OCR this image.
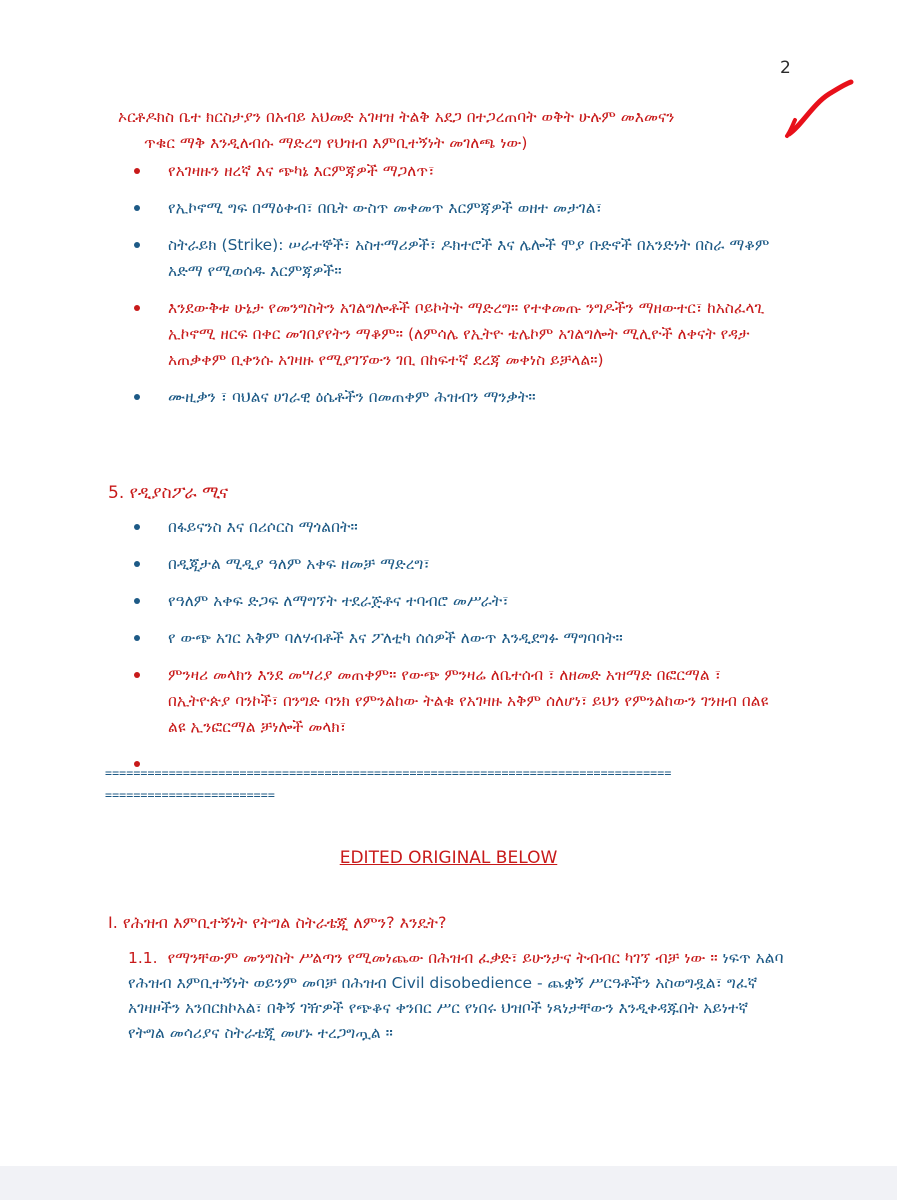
2
ኦርቶዶክስ ቤተ ክርስታያን በአብይ አህመድ አገዛዝ ትልቅ አደጋ በተጋረጠባት ወቅት ሁሉም መእመናን
ጥቁር ማቅ እንዲለብሱ ማድረግ የህዝብ እምቢተኝነት መገለጫ ነው)
የአገዛዙን ዘረኛ እና ጭካኔ እርምጃዎች ማጋለጥ፣
የኢኮኖሚ ግፍ በማዕቀብ፣ በቤት ውስጥ መቀመጥ እርምጃዎች ወዘተ መታገል፣
ስትራይክ (Strike): ሠራተኞች፣ አስተማሪዎች፣ ዶክተሮች እና ሌሎች ሞያ ቡድኖች በአንድነት በስራ ማቆም አድማ የሚወሰዱ እርምጃዎች።
እንደውቅቱ ሁኔታ የመንግስትን አገልግሎቶች ቦይኮትት ማድረግ። የተቀመጡ ንግዶችን ማዘውተር፣ ከአስፈላጊ ኢኮኖሚ ዘርፍ በቀር መገበያየትን ማቆም። (ለምሳሌ የኢትዮ ቴሌኮም አገልግሎት ሚሊዮች ለቀናት የዳታ አጠቃቀም ቢቀንሱ አገዛዙ የሚያገኘውን ገቢ በከፍተኛ ደረጃ መቀነስ ይቻላል።)
ሙዚቃን ፣ ባህልና ሀገራዊ ዕሴቶችን በመጠቀም ሕዝብን ማንቃት።
5. የዲያስፖራ ሚና
በፋይናንስ እና በሪሶርስ ማጎልበት።
በዲጂታል ሚዲያ ዓለም አቀፍ ዘመቻ ማድረግ፣
የዓለም አቀፍ ድጋፍ ለማግኘት ተደራጅቶና ተባብሮ መሥራት፣
የ ውጭ አገር አቅም ባለሃብቶች እና ፖለቲካ ሰሰዎች ለውጥ እንዲደግፉ ማግባባት።
ምንዛሪ መላክን እንደ መሣሪያ መጠቀም። የውጭ ምንዛሬ ለቤተሰብ ፣ ለዘመድ አዝማድ በፎርማል ፣ በኢትዮጵያ ባንኮች፣ በንግድ ባንክ የምንልከው ትልቁ የአገዛዙ አቅም ሰለሆነ፣ ይህን የምንልከውን ገንዘብ በልዩ ልዩ ኢንፎርማል ቻነሎች መላክ፣

================================================================================
========================
EDITED ORIGINAL BELOW
I. የሕዝብ እምቢተኝነት የትግል ስትራቴጂ ለምን? እንዴት?
1.1. የማንቸውም መንግስት ሥልጣን የሚመነጨው በሕዝብ ፈቃድ፣ ይሁንታና ትብብር ካገኘ ብቻ ነው ። ነፍጥ አልባ የሕዝብ እምቢተኝነት ወይንም መባቻ በሕዝብ Civil disobedience - ጨቋኝ ሥርዓቶችን አስወግዷል፣ ግፈኛ አገዛዞችን አንበርክኮአል፣ በቅኝ ገዥዎች የጭቆና ቀንበር ሥር የነበሩ ህዝቦች ነጻነታቸውን እንዲቀዳጁበት አይነተኛ የትግል መሳሪያና ስትራቴጂ መሆኑ ተረጋግጧል ።
